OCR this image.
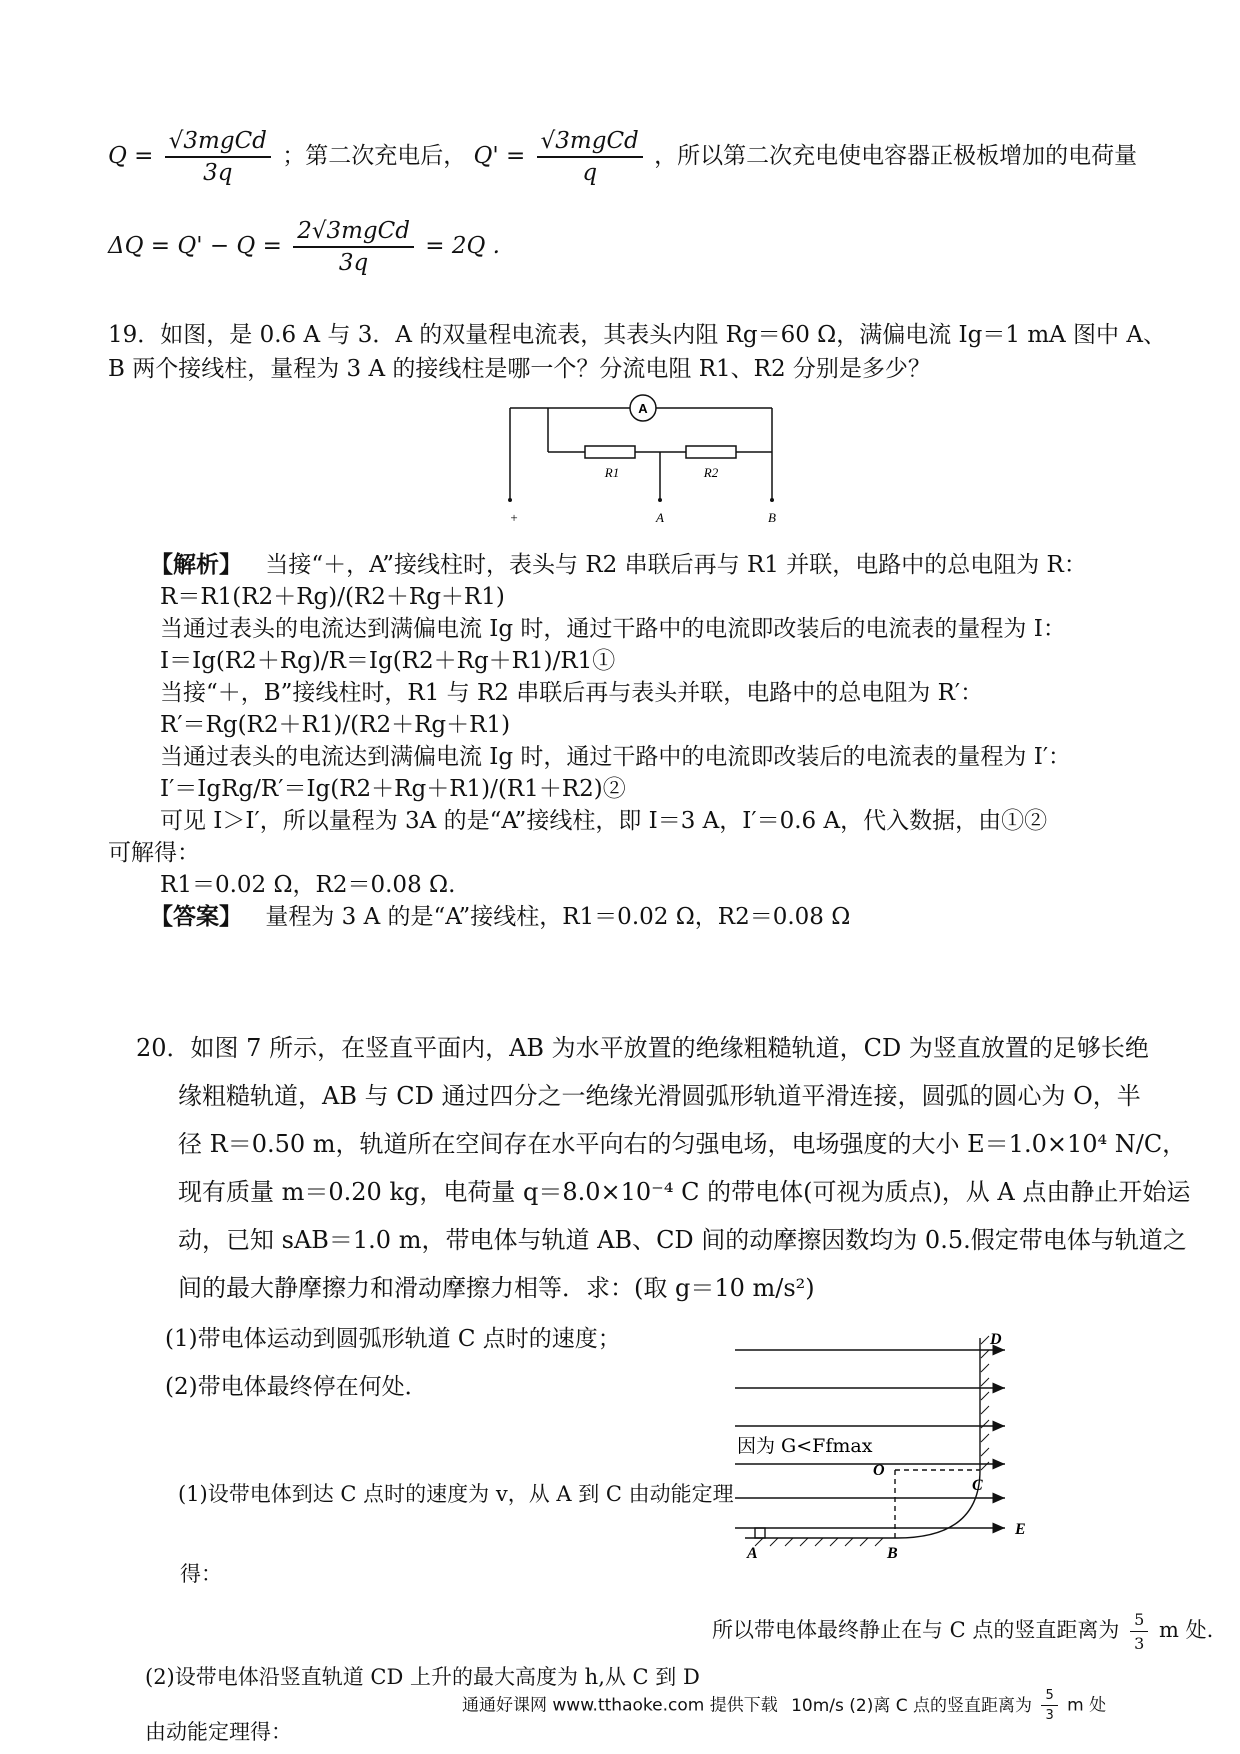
$Q = \frac{\text{√3mgCd}}{3q}$ ；第二次充电后， $Q' = \frac{\text{√3mgCd}}{q}$ ，所以第二次充电使电容器正极板增加的电荷量
$\Delta Q = Q' - Q = \frac{\text{2√3mgCd}}{3q} = 2Q$ .
19．如图，是 0.6 A 与 3．A 的双量程电流表，其表头内阻 Rg＝60 Ω，满偏电流 Ig＝1 mA 图中 A、
B 两个接线柱，量程为 3 A 的接线柱是哪一个？分流电阻 R1、R2 分别是多少？
A
R1	R2
+	A	B
【解析】 当接“＋，A”接线柱时，表头与 R2 串联后再与 R1 并联，电路中的总电阻为 R：
R＝R1(R2＋Rg)/(R2＋Rg＋R1)
当通过表头的电流达到满偏电流 Ig 时，通过干路中的电流即改装后的电流表的量程为 I：
I＝Ig(R2＋Rg)/R＝Ig(R2＋Rg＋R1)/R1①
当接“＋，B”接线柱时，R1 与 R2 串联后再与表头并联，电路中的总电阻为 R′：
R′＝Rg(R2＋R1)/(R2＋Rg＋R1)
当通过表头的电流达到满偏电流 Ig 时，通过干路中的电流即改装后的电流表的量程为 I′：
I′＝IgRg/R′＝Ig(R2＋Rg＋R1)/(R1＋R2)②
可见 I＞I′，所以量程为 3A 的是“A”接线柱，即 I＝3 A，I′＝0.6 A，代入数据，由①②
可解得：
R1＝0.02 Ω，R2＝0.08 Ω.
【答案】 量程为 3 A 的是“A”接线柱，R1＝0.02 Ω，R2＝0.08 Ω
20．如图 7 所示，在竖直平面内，AB 为水平放置的绝缘粗糙轨道，CD 为竖直放置的足够长绝
缘粗糙轨道，AB 与 CD 通过四分之一绝缘光滑圆弧形轨道平滑连接，圆弧的圆心为 O，半
径 R＝0.50 m，轨道所在空间存在水平向右的匀强电场，电场强度的大小 E＝1.0×10⁴ N/C，
现有质量 m＝0.20 kg，电荷量 q＝8.0×10⁻⁴ C 的带电体(可视为质点)，从 A 点由静止开始运
动，已知 sAB＝1.0 m，带电体与轨道 AB、CD 间的动摩擦因数均为 0.5.假定带电体与轨道之
间的最大静摩擦力和滑动摩擦力相等．求：(取 g＝10 m/s²)
(1)带电体运动到圆弧形轨道 C 点时的速度；
(2)带电体最终停在何处．
因为 G<Ffmax
D
O
C
A	B
E
(1)设带电体到达 C 点时的速度为 v，从 A 到 C 由动能定理
得：
所以带电体最终静止在与 C 点的竖直距离为 $\frac{5}{3}$ m 处.
(2)设带电体沿竖直轨道 CD 上升的最大高度为 h,从 C 到 D
通通好课网 www.tthaoke.com 提供下载 10m/s (2)离 C 点的竖直距离为 $\frac{5}{3}$ m 处
由动能定理得：
